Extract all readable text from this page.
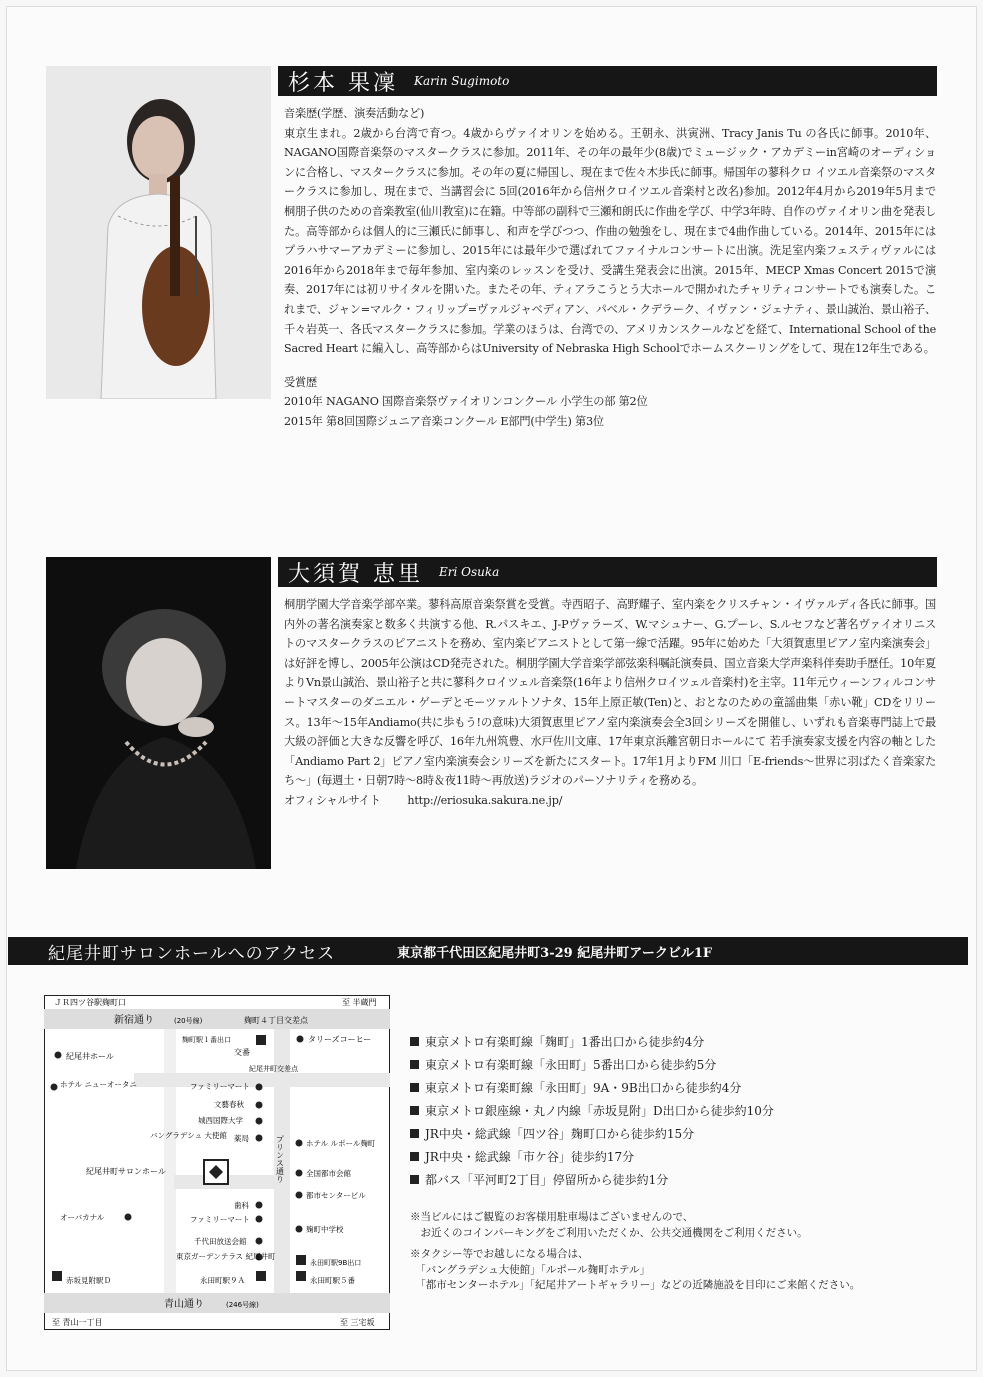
杉本 果凜 Karin Sugimoto

音楽歴(学歴、演奏活動など)

東京生まれ。2歳から台湾で育つ。4歳からヴァイオリンを始める。王朝永、洪寅洲、Tracy Janis Tu の各氏に師事。2010年、NAGANO国際音楽祭のマスタークラスに参加。2011年、その年の最年少(8歳)でミュージック・アカデミーin宮崎のオーディションに合格し、マスタークラスに参加。その年の夏に帰国し、現在まで佐々木歩氏に師事。帰国年の蓼科クロ イツエル音楽祭のマスタークラスに参加し、現在まで、当講習会に 5回(2016年から信州クロイツエル音楽村と改名)参加。2012年4月から2019年5月まで桐朋子供のための音楽教室(仙川教室)に在籍。中等部の副科で三瀬和朗氏に作曲を学び、中学3年時、自作のヴァイオリン曲を発表した。高等部からは個人的に三瀬氏に師事し、和声を学びつつ、作曲の勉強をし、現在まで4曲作曲している。2014年、2015年にはプラハサマーアカデミーに参加し、2015年には最年少で選ばれてファイナルコンサートに出演。洗足室内楽フェスティヴァルには2016年から2018年まで毎年参加、室内楽のレッスンを受け、受講生発表会に出演。2015年、MECP Xmas Concert 2015で演奏、2017年には初リサイタルを開いた。またその年、ティアラこうとう大ホールで開かれたチャリティコンサートでも演奏した。これまで、ジャン=マルク・フィリップ=ヴァルジャベディアン、パベル・クデラーク、イヴァン・ジェナティ、景山誠治、景山裕子、千々岩英一、各氏マスタークラスに参加。学業のほうは、台湾での、アメリカンスクールなどを経て、International School of the Sacred Heart に編入し、高等部からはUniversity of Nebraska High Schoolでホームスクーリングをして、現在12年生である。

受賞歴

2010年 NAGANO 国際音楽祭ヴァイオリンコンクール 小学生の部 第2位

2015年 第8回国際ジュニア音楽コンクール E部門(中学生) 第3位

大須賀 恵里 Eri Osuka

桐朋学園大学音楽学部卒業。蓼科高原音楽祭賞を受賞。寺西昭子、高野耀子、室内楽をクリスチャン・イヴァルディ各氏に師事。国内外の著名演奏家と数多く共演する他、R.パスキエ、J-Pヴァラーズ、W.マシュナー、G.プーレ、S.ルセフなど著名ヴァイオリニストのマスタークラスのピアニストを務め、室内楽ピアニストとして第一線で活躍。95年に始めた「大須賀恵里ピアノ室内楽演奏会」は好評を博し、2005年公演はCD発売された。桐朋学園大学音楽学部弦楽科嘱託演奏員、国立音楽大学声楽科伴奏助手歴任。10年夏よりVn景山誠治、景山裕子と共に蓼科クロイツェル音楽祭(16年より信州クロイツェル音楽村)を主宰。11年元ウィーンフィルコンサートマスターのダニエル・ゲーデとモーツァルトソナタ、15年上原正敏(Ten)と、おとなのための童謡曲集「赤い靴」CDをリリース。13年～15年Andiamo(共に歩もう!の意味)大須賀恵里ピアノ室内楽演奏会全3回シリーズを開催し、いずれも音楽専門誌上で最大級の評価と大きな反響を呼び、16年九州筑豊、水戸佐川文庫、17年東京浜離宮朝日ホールにて 若手演奏家支援を内容の軸とした「Andiamo Part 2」ピアノ室内楽演奏会シリーズを新たにスタート。17年1月よりFM 川口「E-friends～世界に羽ばたく音楽家たち～」(毎週土・日朝7時～8時＆夜11時～再放送)ラジオのパーソナリティを務める。

オフィシャルサイト http://eriosuka.sakura.ne.jp/

紀尾井町サロンホールへのアクセス	東京都千代田区紀尾井町3-29 紀尾井町アークビル1F
ＪＲ四ツ谷駅麹町口	至 半蔵門
新宿通り	(20号線)	麹町４丁目交差点
麹町駅１番出口
交番
タリーズコーヒー
紀尾井ホール
紀尾井町交差点
ホテル ニューオータニ	ファミリーマート
文藝春秋
城西国際大学
バングラデシュ 大使館 薬局	プリンス通り	ホテル ルポール麹町
全国都市会館
紀尾井町サロンホール
都市センタービル
オーバカナル
歯科
ファミリーマート
麹町中学校
千代田放送会館
東京ガーデンテラス 紀尾井町
永田町駅9B出口
永田町駅９Ａ	永田町駅５番
赤坂見附駅Ｄ
青山通り	(246号線)
至 青山一丁目	至 三宅坂
東京メトロ有楽町線「麹町」1番出口から徒歩約4分
東京メトロ有楽町線「永田町」5番出口から徒歩約5分
東京メトロ有楽町線「永田町」9A・9B出口から徒歩約4分
東京メトロ銀座線・丸ノ内線「赤坂見附」D出口から徒歩約10分
JR中央・総武線「四ツ谷」麹町口から徒歩約15分
JR中央・総武線「市ケ谷」徒歩約17分
都バス「平河町2丁目」停留所から徒歩約1分

※当ビルにはご観覧のお客様用駐車場はございませんので、

　お近くのコインパーキングをご利用いただくか、公共交通機関をご利用ください。

※タクシー等でお越しになる場合は、

　「バングラデシュ大使館」「ルポール麹町ホテル」

　「都市センターホテル」「紀尾井アートギャラリー」などの近隣施設を目印にご来館ください。
